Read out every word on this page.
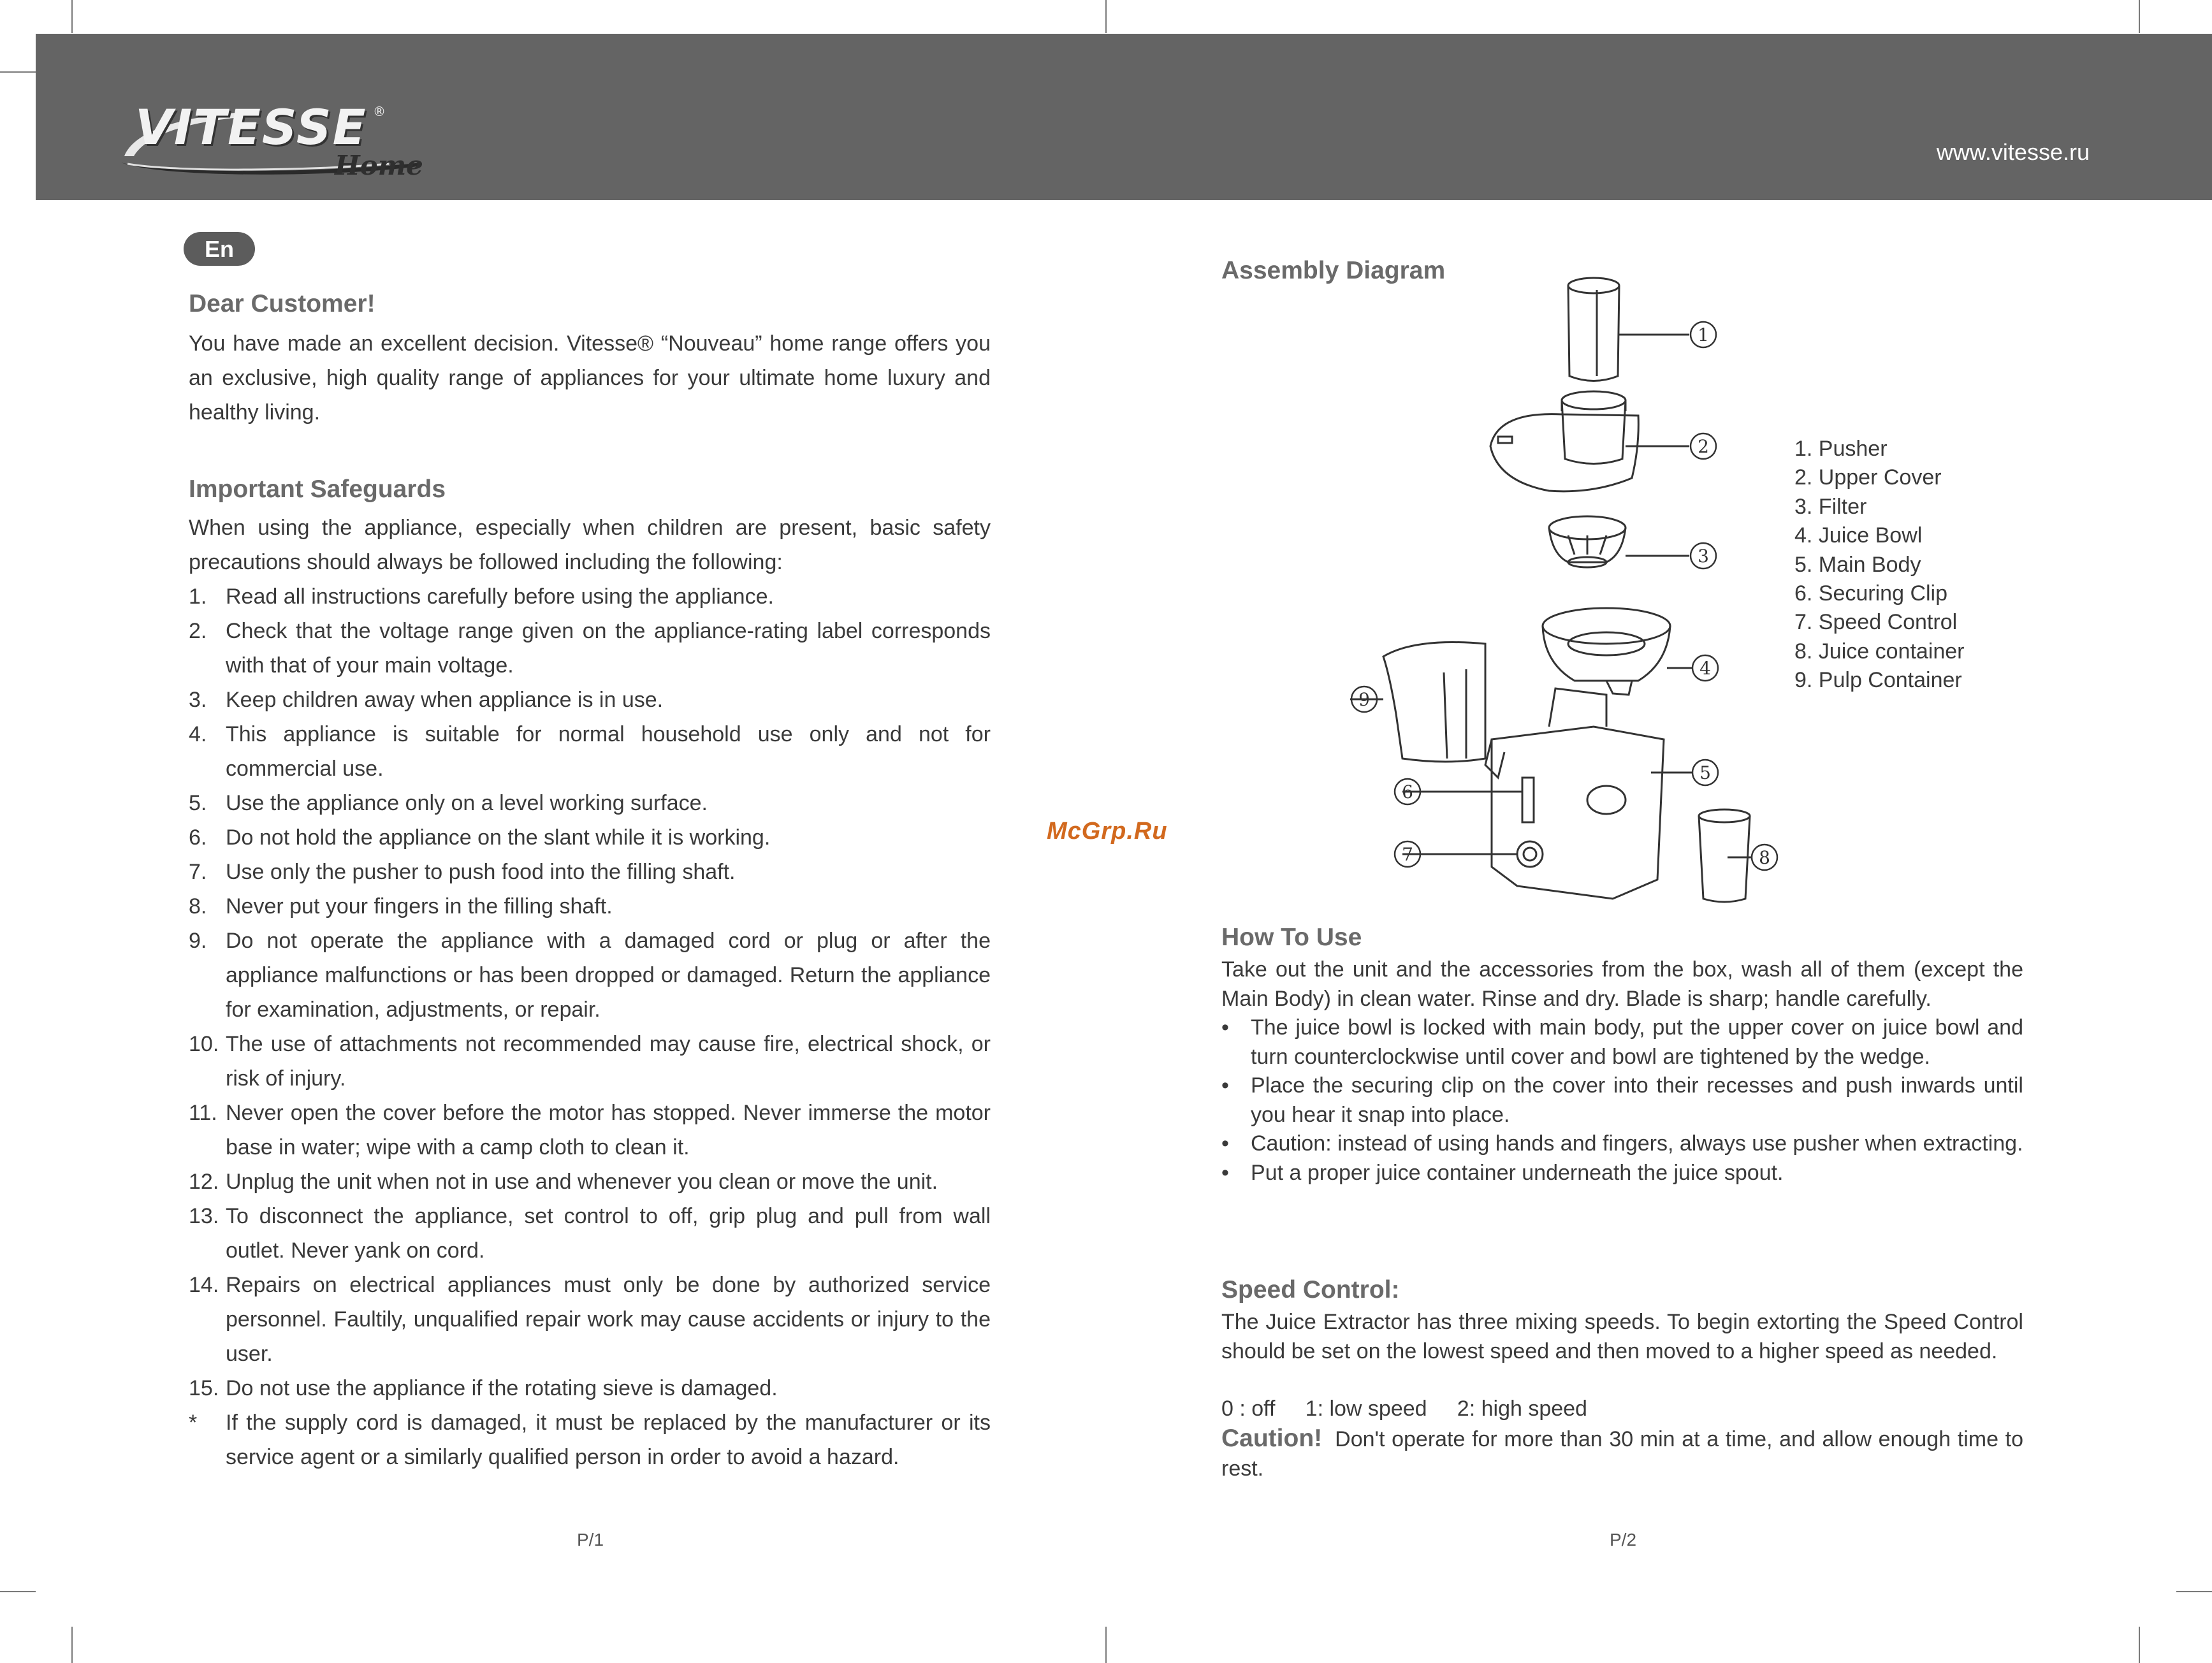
VITESSE ®
Home	www.vitesse.ru
En
Dear Customer!

You have made an excellent decision. Vitesse® “Nouveau” home range offers you an exclusive, high quality range of appliances for your ultimate home luxury and healthy living.

Important Safeguards

When using the appliance, especially when children are present, basic safety precautions should always be followed including the following:

1. Read all instructions carefully before using the appliance.
2. Check that the voltage range given on the appliance-rating label corresponds with that of your main voltage.
3. Keep children away when appliance is in use.
4. This appliance is suitable for normal household use only and not for commercial use.
5. Use the appliance only on a level working surface.
6. Do not hold the appliance on the slant while it is working.
7. Use only the pusher to push food into the filling shaft.
8. Never put your fingers in the filling shaft.
9. Do not operate the appliance with a damaged cord or plug or after the appliance malfunctions or has been dropped or damaged. Return the appliance for examination, adjustments, or repair.
10. The use of attachments not recommended may cause fire, electrical shock, or risk of injury.
11. Never open the cover before the motor has stopped. Never immerse the motor base in water; wipe with a camp cloth to clean it.
12. Unplug the unit when not in use and whenever you clean or move the unit.
13. To disconnect the appliance, set control to off, grip plug and pull from wall outlet. Never yank on cord.
14. Repairs on electrical appliances must only be done by authorized service personnel. Faultily, unqualified repair work may cause accidents or injury to the user.
15. Do not use the appliance if the rotating sieve is damaged.
* If the supply cord is damaged, it must be replaced by the manufacturer or its service agent or a similarly qualified person in order to avoid a hazard.
P/1
McGrp.Ru
Assembly Diagram
1
2
3
4
5
6
7	8
9
1. Pusher
2. Upper Cover
3. Filter
4. Juice Bowl
5. Main Body
6. Securing Clip
7. Speed Control
8. Juice container
9. Pulp Container
How To Use

Take out the unit and the accessories from the box, wash all of them (except the Main Body) in clean water. Rinse and dry. Blade is sharp; handle carefully.

• The juice bowl is locked with main body, put the upper cover on juice bowl and turn counterclockwise until cover and bowl are tightened by the wedge.
• Place the securing clip on the cover into their recesses and push inwards until you hear it snap into place.
• Caution: instead of using hands and fingers, always use pusher when extracting.
• Put a proper juice container underneath the juice spout.
Speed Control:

The Juice Extractor has three mixing speeds. To begin extorting the Speed Control should be set on the lowest speed and then moved to a higher speed as needed.

0 : off     1: low speed     2: high speed

Caution! Don't operate for more than 30 min at a time, and allow enough time to rest.

P/2
